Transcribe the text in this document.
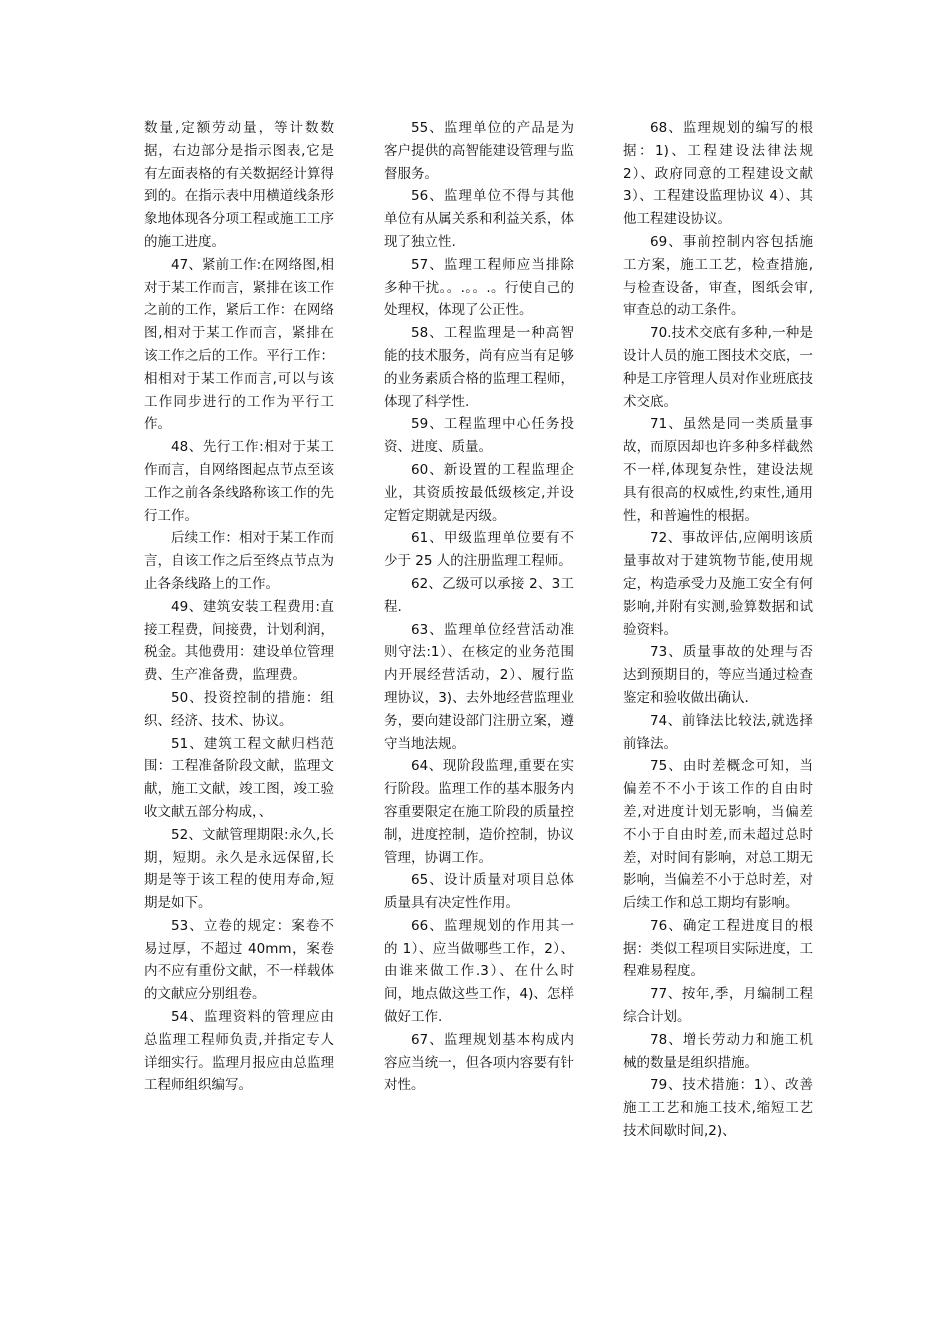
数量,定额劳动量，等计数数据，右边部分是指示图表,它是有左面表格的有关数据经计算得到的。在指示表中用横道线条形象地体现各分项工程或施工工序的施工进度。

47、紧前工作:在网络图,相对于某工作而言，紧排在该工作之前的工作，紧后工作：在网络图,相对于某工作而言，紧排在该工作之后的工作。平行工作：相相对于某工作而言,可以与该工作同步进行的工作为平行工作。

48、先行工作:相对于某工作而言，自网络图起点节点至该工作之前各条线路称该工作的先行工作。

后续工作：相对于某工作而言，自该工作之后至终点节点为止各条线路上的工作。

49、建筑安装工程费用:直接工程费，间接费，计划利润，税金。其他费用：建设单位管理费、生产准备费，监理费。

50、投资控制的措施：组织、经济、技术、协议。

51、建筑工程文献归档范围：工程准备阶段文献，监理文献，施工文献，竣工图，竣工验收文献五部分构成，、

52、文献管理期限:永久,长期，短期。永久是永远保留,长期是等于该工程的使用寿命,短期是如下。

53、立卷的规定：案卷不易过厚，不超过 40mm，案卷内不应有重份文献，不一样载体的文献应分别组卷。

54、监理资料的管理应由总监理工程师负责,并指定专人详细实行。监理月报应由总监理工程师组织编写。

55、监理单位的产品是为客户提供的高智能建设管理与监督服务。

56、监理单位不得与其他单位有从属关系和利益关系，体现了独立性.

57、监理工程师应当排除多种干扰。。.。。.。行使自己的处理权，体现了公正性。

58、工程监理是一种高智能的技术服务，尚有应当有足够的业务素质合格的监理工程师，体现了科学性.

59、工程监理中心任务投资、进度、质量。

60、新设置的工程监理企业，其资质按最低级核定,并设定暂定期就是丙级。

61、甲级监理单位要有不少于 25 人的注册监理工程师。

62、乙级可以承接 2、3工程.

63、监理单位经营活动准则守法:1）、在核定的业务范围内开展经营活动，2）、履行监理协议，3)、去外地经营监理业务，要向建设部门注册立案，遵守当地法规。

64、现阶段监理,重要在实行阶段。监理工作的基本服务内容重要限定在施工阶段的质量控制，进度控制，造价控制，协议管理，协调工作。

65、设计质量对项目总体质量具有决定性作用。

66、监理规划的作用其一的 1）、应当做哪些工作，2）、由谁来做工作.3）、在什么时间，地点做这些工作，4)、怎样做好工作.

67、监理规划基本构成内容应当统一，但各项内容要有针对性。

68、监理规划的编写的根据：1)、工程建设法律法规 2）、政府同意的工程建设文献 3）、工程建设监理协议 4）、其他工程建设协议。

69、事前控制内容包括施工方案，施工工艺，检查措施,与检查设备，审查，图纸会审,审查总的动工条件。

70.技术交底有多种,一种是设计人员的施工图技术交底，一种是工序管理人员对作业班底技术交底。

71、虽然是同一类质量事故，而原因却也许多种多样截然不一样,体现复杂性，建设法规具有很高的权威性,约束性,通用性，和普遍性的根据。

72、事故评估,应阐明该质量事故对于建筑物节能,使用规定，构造承受力及施工安全有何影响,并附有实测,验算数据和试验资料。

73、质量事故的处理与否达到预期目的，等应当通过检查鉴定和验收做出确认.

74、前锋法比较法,就选择前锋法。

75、由时差概念可知，当偏差不不小于该工作的自由时差,对进度计划无影响，当偏差不小于自由时差,而未超过总时差，对时间有影响，对总工期无影响，当偏差不小于总时差，对后续工作和总工期均有影响。

76、确定工程进度目的根据：类似工程项目实际进度，工程难易程度。

77、按年,季，月编制工程综合计划。

78、增长劳动力和施工机械的数量是组织措施。

79、技术措施：1）、改善施工工艺和施工技术,缩短工艺技术间歇时间,2)、
